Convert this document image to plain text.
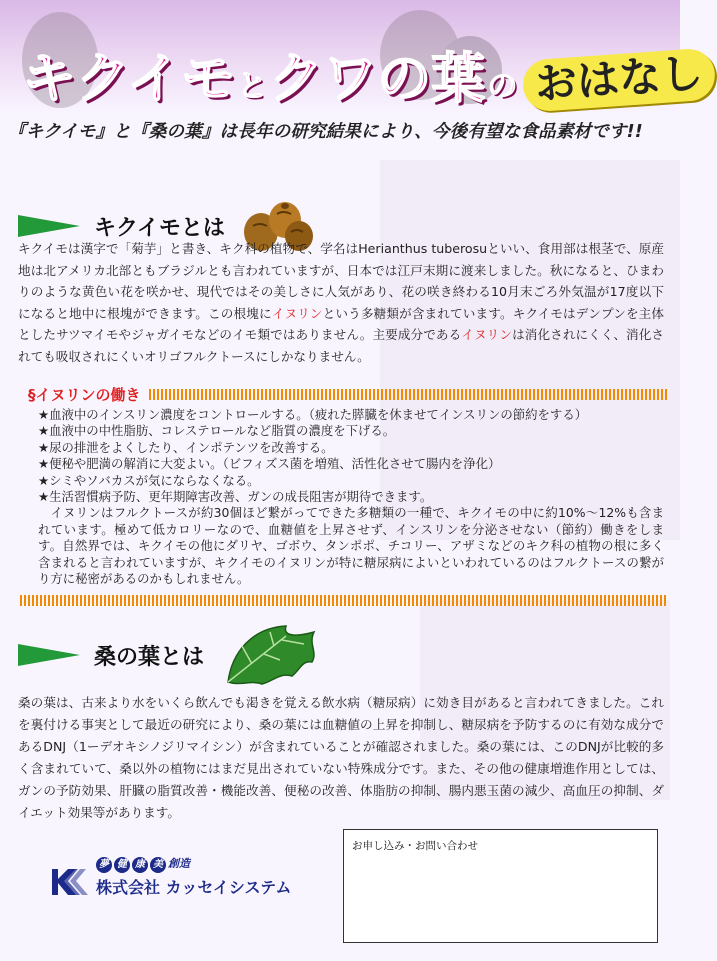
キクイモ と クワの葉 の おはなし
『キクイモ』と『桑の葉』は長年の研究結果により、今後有望な食品素材です!!
キクイモとは
キクイモは漢字で「菊芋」と書き、キク科の植物で、学名はHerianthus tuberosuといい、食用部は根茎で、原産地は北アメリカ北部ともブラジルとも言われていますが、日本では江戸末期に渡来しました。秋になると、ひまわりのような黄色い花を咲かせ、現代ではその美しさに人気があり、花の咲き終わる10月末ごろ外気温が17度以下になると地中に根塊ができます。この根塊にイヌリンという多糖類が含まれています。キクイモはデンプンを主体としたサツマイモやジャガイモなどのイモ類ではありません。主要成分であるイヌリンは消化されにくく、消化されても吸収されにくいオリゴフルクトースにしかなりません。
§イヌリンの働き
★血液中のインスリン濃度をコントロールする。（疲れた膵臓を休ませてインスリンの節約をする）
★血液中の中性脂肪、コレステロールなど脂質の濃度を下げる。
★尿の排泄をよくしたり、インポテンツを改善する。
★便秘や肥満の解消に大変よい。（ビフィズス菌を増殖、活性化させて腸内を浄化）
★シミやソバカスが気にならなくなる。
★生活習慣病予防、更年期障害改善、ガンの成長阻害が期待できます。
イヌリンはフルクトースが約30個ほど繋がってできた多糖類の一種で、キクイモの中に約10%〜12%も含まれています。極めて低カロリーなので、血糖値を上昇させず、インスリンを分泌させない（節約）働きをします。自然界では、キクイモの他にダリヤ、ゴボウ、タンポポ、チコリー、アザミなどのキク科の植物の根に多く含まれると言われていますが、キクイモのイヌリンが特に糖尿病によいといわれているのはフルクトースの繋がり方に秘密があるのかもしれません。
桑の葉とは
桑の葉は、古来より水をいくら飲んでも渇きを覚える飲水病（糖尿病）に効き目があると言われてきました。これを裏付ける事実として最近の研究により、桑の葉には血糖値の上昇を抑制し、糖尿病を予防するのに有効な成分であるDNJ（1ーデオキシノジリマイシン）が含まれていることが確認されました。桑の葉には、このDNJが比較的多く含まれていて、桑以外の植物にはまだ見出されていない特殊成分です。また、その他の健康増進作用としては、ガンの予防効果、肝臓の脂質改善・機能改善、便秘の改善、体脂肪の抑制、腸内悪玉菌の減少、高血圧の抑制、ダイエット効果等があります。
夢 健 康 美 創造
株式会社 カッセイシステム
お申し込み・お問い合わせ
